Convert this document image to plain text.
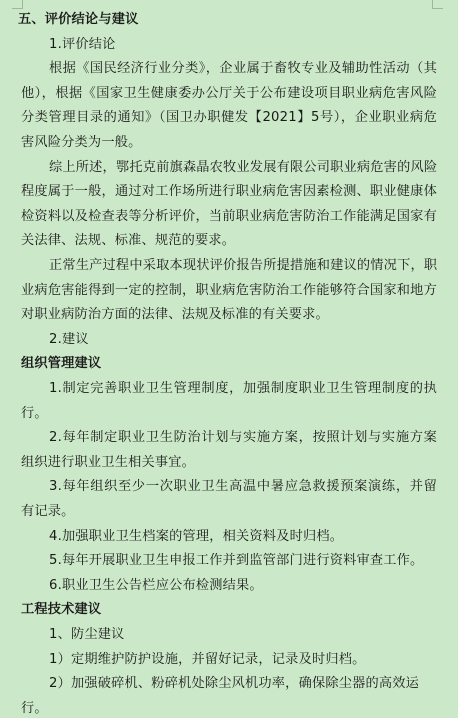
五、评价结论与建议
1.评价结论
根据《国民经济行业分类》，企业属于畜牧专业及辅助性活动（其
他），根据《国家卫生健康委办公厅关于公布建设项目职业病危害风险
分类管理目录的通知》（国卫办职健发【2021】5号），企业职业病危
害风险分类为一般。
综上所述，鄂托克前旗森晶农牧业发展有限公司职业病危害的风险
程度属于一般，通过对工作场所进行职业病危害因素检测、职业健康体
检资料以及检查表等分析评价，当前职业病危害防治工作能满足国家有
关法律、法规、标准、规范的要求。
正常生产过程中采取本现状评价报告所提措施和建议的情况下，职
业病危害能得到一定的控制，职业病危害防治工作能够符合国家和地方
对职业病防治方面的法律、法规及标准的有关要求。
2.建议
组织管理建议
1.制定完善职业卫生管理制度，加强制度职业卫生管理制度的执
行。
2.每年制定职业卫生防治计划与实施方案，按照计划与实施方案
组织进行职业卫生相关事宜。
3.每年组织至少一次职业卫生高温中暑应急救援预案演练，并留
有记录。
4.加强职业卫生档案的管理，相关资料及时归档。
5.每年开展职业卫生申报工作并到监管部门进行资料审查工作。
6.职业卫生公告栏应公布检测结果。
工程技术建议
1、防尘建议
1）定期维护防护设施，并留好记录，记录及时归档。
2）加强破碎机、粉碎机处除尘风机功率，确保除尘器的高效运
行。
